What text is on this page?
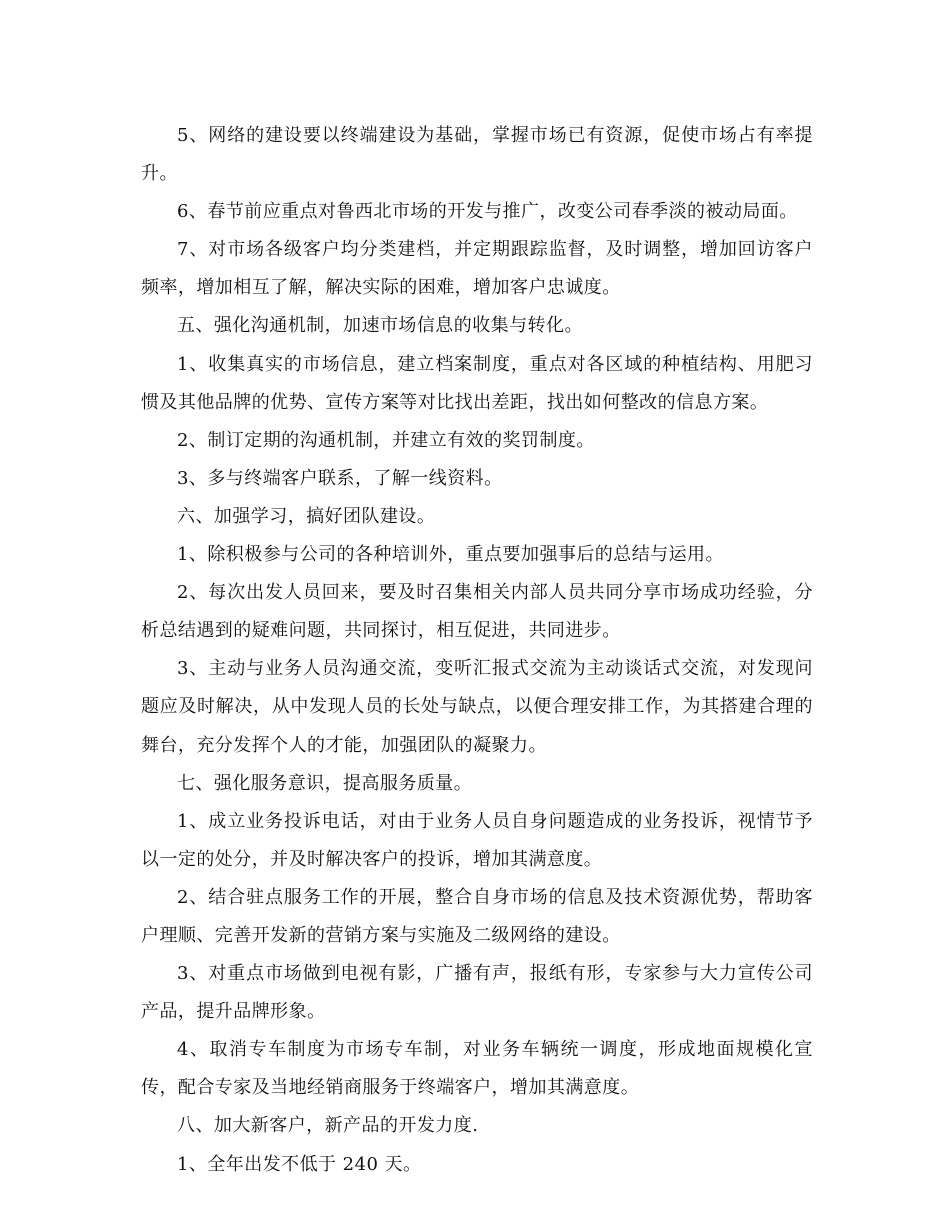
5、网络的建设要以终端建设为基础，掌握市场已有资源，促使市场占有率提升。

6、春节前应重点对鲁西北市场的开发与推广，改变公司春季淡的被动局面。

7、对市场各级客户均分类建档，并定期跟踪监督，及时调整，增加回访客户频率，增加相互了解，解决实际的困难，增加客户忠诚度。

五、强化沟通机制，加速市场信息的收集与转化。

1、收集真实的市场信息，建立档案制度，重点对各区域的种植结构、用肥习惯及其他品牌的优势、宣传方案等对比找出差距，找出如何整改的信息方案。

2、制订定期的沟通机制，并建立有效的奖罚制度。

3、多与终端客户联系，了解一线资料。

六、加强学习，搞好团队建设。

1、除积极参与公司的各种培训外，重点要加强事后的总结与运用。

2、每次出发人员回来，要及时召集相关内部人员共同分享市场成功经验，分析总结遇到的疑难问题，共同探讨，相互促进，共同进步。

3、主动与业务人员沟通交流，变听汇报式交流为主动谈话式交流，对发现问题应及时解决，从中发现人员的长处与缺点，以便合理安排工作，为其搭建合理的舞台，充分发挥个人的才能，加强团队的凝聚力。

七、强化服务意识，提高服务质量。

1、成立业务投诉电话，对由于业务人员自身问题造成的业务投诉，视情节予以一定的处分，并及时解决客户的投诉，增加其满意度。

2、结合驻点服务工作的开展，整合自身市场的信息及技术资源优势，帮助客户理顺、完善开发新的营销方案与实施及二级网络的建设。

3、对重点市场做到电视有影，广播有声，报纸有形，专家参与大力宣传公司产品，提升品牌形象。

4、取消专车制度为市场专车制，对业务车辆统一调度，形成地面规模化宣传，配合专家及当地经销商服务于终端客户，增加其满意度。

八、加大新客户，新产品的开发力度.

1、全年出发不低于 240 天。
